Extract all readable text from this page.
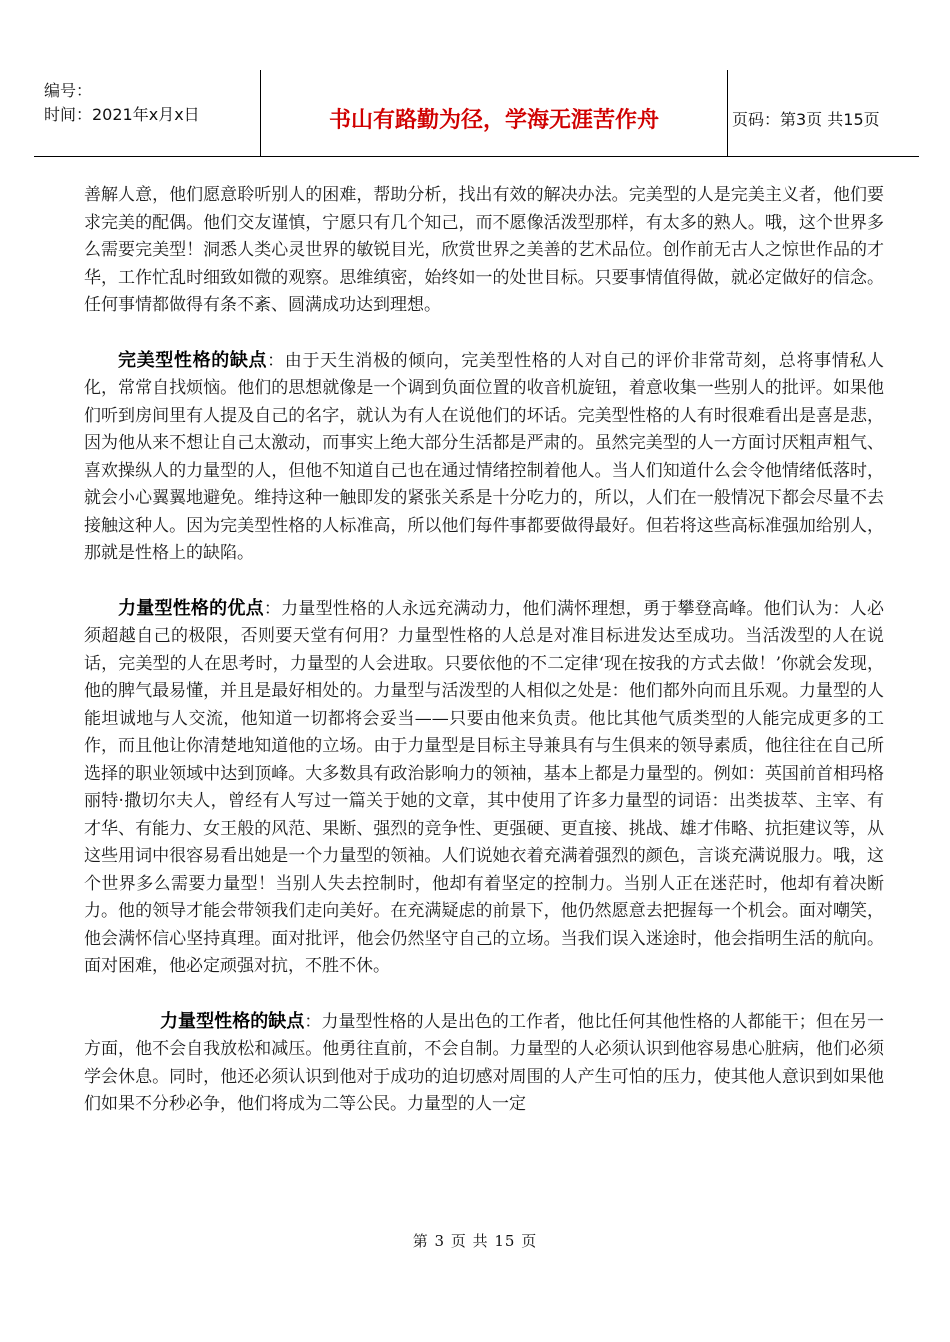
编号：
时间：2021年x月x日	书山有路勤为径，学海无涯苦作舟	页码：第3页 共15页

善解人意，他们愿意聆听别人的困难，帮助分析，找出有效的解决办法。完美型的人是完美主义者，他们要求完美的配偶。他们交友谨慎，宁愿只有几个知己，而不愿像活泼型那样，有太多的熟人。哦，这个世界多么需要完美型！洞悉人类心灵世界的敏锐目光，欣赏世界之美善的艺术品位。创作前无古人之惊世作品的才华，工作忙乱时细致如微的观察。思维缜密，始终如一的处世目标。只要事情值得做，就必定做好的信念。任何事情都做得有条不紊、圆满成功达到理想。

完美型性格的缺点：由于天生消极的倾向，完美型性格的人对自己的评价非常苛刻，总将事情私人化，常常自找烦恼。他们的思想就像是一个调到负面位置的收音机旋钮，着意收集一些别人的批评。如果他们听到房间里有人提及自己的名字，就认为有人在说他们的坏话。完美型性格的人有时很难看出是喜是悲，因为他从来不想让自己太激动，而事实上绝大部分生活都是严肃的。虽然完美型的人一方面讨厌粗声粗气、喜欢操纵人的力量型的人，但他不知道自己也在通过情绪控制着他人。当人们知道什么会令他情绪低落时，就会小心翼翼地避免。维持这种一触即发的紧张关系是十分吃力的，所以，人们在一般情况下都会尽量不去接触这种人。因为完美型性格的人标准高，所以他们每件事都要做得最好。但若将这些高标准强加给别人，那就是性格上的缺陷。

力量型性格的优点：力量型性格的人永远充满动力，他们满怀理想，勇于攀登高峰。他们认为：人必须超越自己的极限，否则要天堂有何用？力量型性格的人总是对准目标进发达至成功。当活泼型的人在说话，完美型的人在思考时，力量型的人会进取。只要依他的不二定律‘现在按我的方式去做！’你就会发现，他的脾气最易懂，并且是最好相处的。力量型与活泼型的人相似之处是：他们都外向而且乐观。力量型的人能坦诚地与人交流，他知道一切都将会妥当——只要由他来负责。他比其他气质类型的人能完成更多的工作，而且他让你清楚地知道他的立场。由于力量型是目标主导兼具有与生俱来的领导素质，他往往在自己所选择的职业领域中达到顶峰。大多数具有政治影响力的领袖，基本上都是力量型的。例如：英国前首相玛格丽特·撒切尔夫人，曾经有人写过一篇关于她的文章，其中使用了许多力量型的词语：出类拔萃、主宰、有才华、有能力、女王般的风范、果断、强烈的竞争性、更强硬、更直接、挑战、雄才伟略、抗拒建议等，从这些用词中很容易看出她是一个力量型的领袖。人们说她衣着充满着强烈的颜色，言谈充满说服力。哦，这个世界多么需要力量型！当别人失去控制时，他却有着坚定的控制力。当别人正在迷茫时，他却有着决断力。他的领导才能会带领我们走向美好。在充满疑虑的前景下，他仍然愿意去把握每一个机会。面对嘲笑，他会满怀信心坚持真理。面对批评，他会仍然坚守自己的立场。当我们误入迷途时，他会指明生活的航向。面对困难，他必定顽强对抗，不胜不休。

力量型性格的缺点：力量型性格的人是出色的工作者，他比任何其他性格的人都能干；但在另一方面，他不会自我放松和减压。他勇往直前，不会自制。力量型的人必须认识到他容易患心脏病，他们必须学会休息。同时，他还必须认识到他对于成功的迫切感对周围的人产生可怕的压力，使其他人意识到如果他们如果不分秒必争，他们将成为二等公民。力量型的人一定

第 3 页 共 15 页
